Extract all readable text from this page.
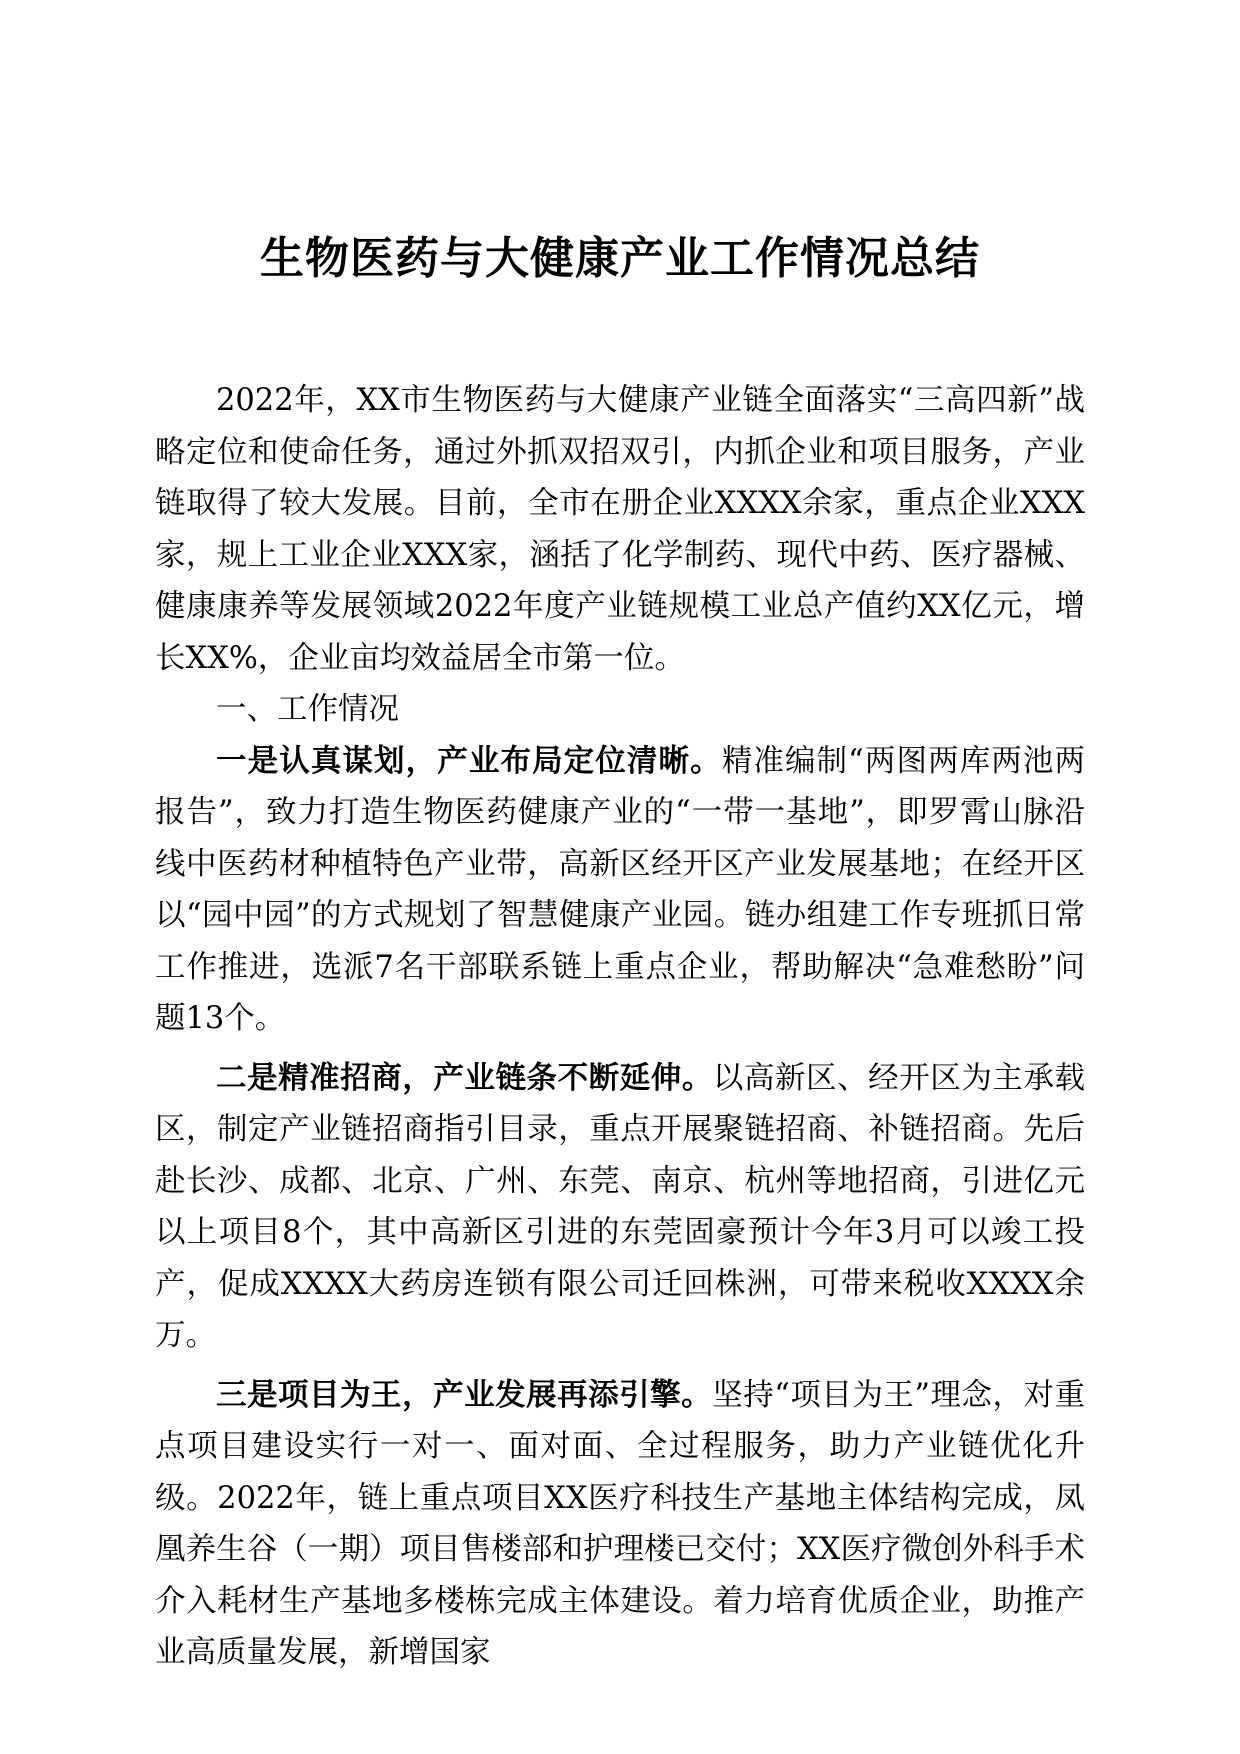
生物医药与大健康产业工作情况总结

2022年，XX市生物医药与大健康产业链全面落实“三高四新”战略定位和使命任务，通过外抓双招双引，内抓企业和项目服务，产业链取得了较大发展。目前，全市在册企业XXXX余家，重点企业XXX家，规上工业企业XXX家，涵括了化学制药、现代中药、医疗器械、健康康养等发展领域2022年度产业链规模工业总产值约XX亿元，增长XX%，企业亩均效益居全市第一位。

一、工作情况

一是认真谋划，产业布局定位清晰。精准编制“两图两库两池两报告”，致力打造生物医药健康产业的“一带一基地”，即罗霄山脉沿线中医药材种植特色产业带，高新区经开区产业发展基地；在经开区以“园中园”的方式规划了智慧健康产业园。链办组建工作专班抓日常工作推进，选派7名干部联系链上重点企业，帮助解决“急难愁盼”问题13个。

二是精准招商，产业链条不断延伸。以高新区、经开区为主承载区，制定产业链招商指引目录，重点开展聚链招商、补链招商。先后赴长沙、成都、北京、广州、东莞、南京、杭州等地招商，引进亿元以上项目8个，其中高新区引进的东莞固豪预计今年3月可以竣工投产，促成XXXX大药房连锁有限公司迁回株洲，可带来税收XXXX余万。

三是项目为王，产业发展再添引擎。坚持“项目为王”理念，对重点项目建设实行一对一、面对面、全过程服务，助力产业链优化升级。2022年，链上重点项目XX医疗科技生产基地主体结构完成，凤凰养生谷（一期）项目售楼部和护理楼已交付；XX医疗微创外科手术介入耗材生产基地多楼栋完成主体建设。着力培育优质企业，助推产业高质量发展，新增国家
